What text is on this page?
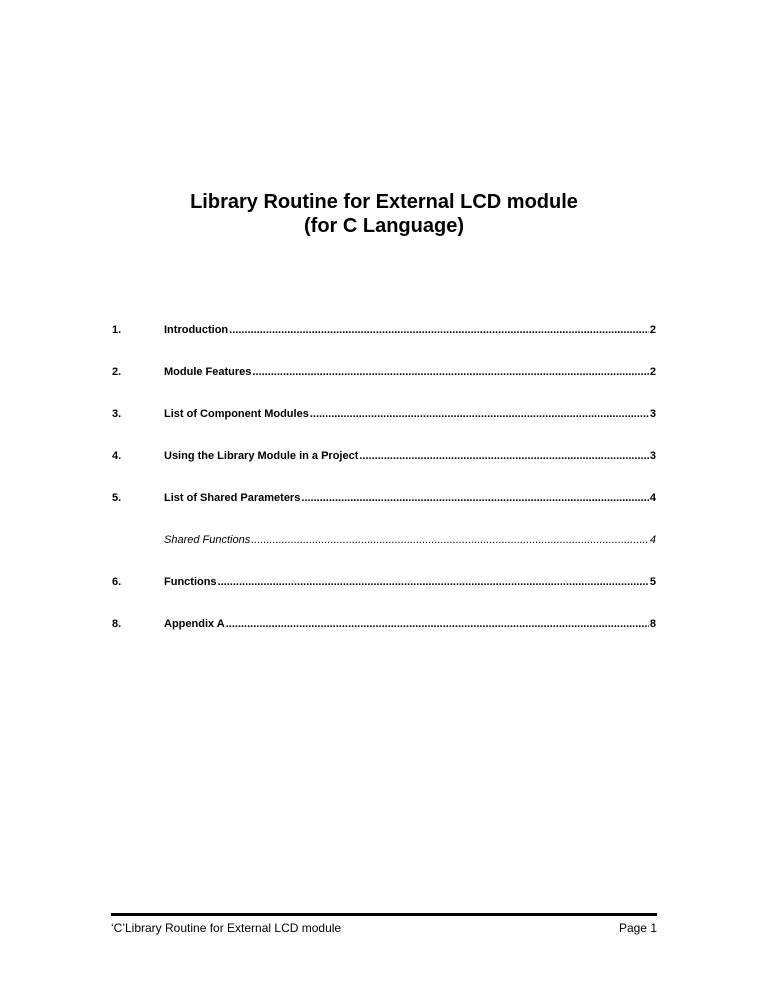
Library Routine for External LCD module
(for C Language)
1.	Introduction .....	2
2.	Module Features .....	2
3.	List of Component Modules .....	3
4.	Using the Library Module in a Project .....	3
5.	List of Shared Parameters .....	4
Shared Functions .....	4
6.	Functions .....	5
8.	Appendix A .....	8
‘C’Library Routine for External LCD module	Page 1
